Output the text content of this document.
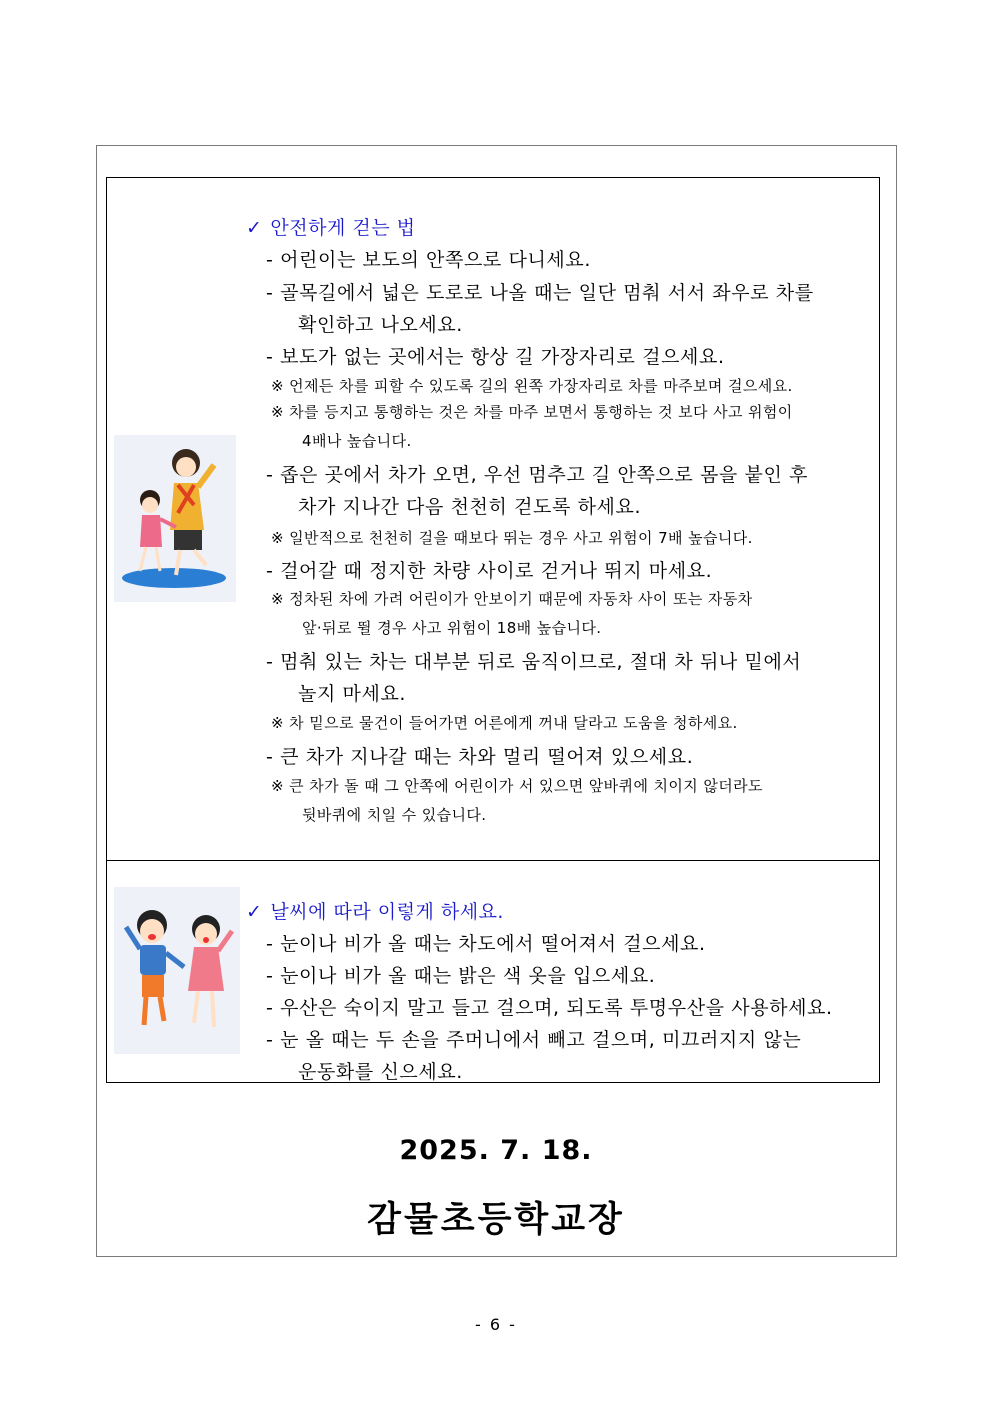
✓ 안전하게 걷는 법
- 어린이는 보도의 안쪽으로 다니세요.
- 골목길에서 넓은 도로로 나올 때는 일단 멈춰 서서 좌우로 차를
확인하고 나오세요.
- 보도가 없는 곳에서는 항상 길 가장자리로 걸으세요.
※ 언제든 차를 피할 수 있도록 길의 왼쪽 가장자리로 차를 마주보며 걸으세요.
※ 차를 등지고 통행하는 것은 차를 마주 보면서 통행하는 것 보다 사고 위험이
4배나 높습니다.
- 좁은 곳에서 차가 오면, 우선 멈추고 길 안쪽으로 몸을 붙인 후
차가 지나간 다음 천천히 걷도록 하세요.
※ 일반적으로 천천히 걸을 때보다 뛰는 경우 사고 위험이 7배 높습니다.
- 걸어갈 때 정지한 차량 사이로 걷거나 뛰지 마세요.
※ 정차된 차에 가려 어린이가 안보이기 때문에 자동차 사이 또는 자동차
앞·뒤로 뛸 경우 사고 위험이 18배 높습니다.
- 멈춰 있는 차는 대부분 뒤로 움직이므로, 절대 차 뒤나 밑에서
놀지 마세요.
※ 차 밑으로 물건이 들어가면 어른에게 꺼내 달라고 도움을 청하세요.
- 큰 차가 지나갈 때는 차와 멀리 떨어져 있으세요.
※ 큰 차가 돌 때 그 안쪽에 어린이가 서 있으면 앞바퀴에 치이지 않더라도
뒷바퀴에 치일 수 있습니다.
✓ 날씨에 따라 이렇게 하세요.
- 눈이나 비가 올 때는 차도에서 떨어져서 걸으세요.
- 눈이나 비가 올 때는 밝은 색 옷을 입으세요.
- 우산은 숙이지 말고 들고 걸으며, 되도록 투명우산을 사용하세요.
- 눈 올 때는 두 손을 주머니에서 빼고 걸으며, 미끄러지지 않는
운동화를 신으세요.
2025. 7. 18.
감물초등학교장
- 6 -
